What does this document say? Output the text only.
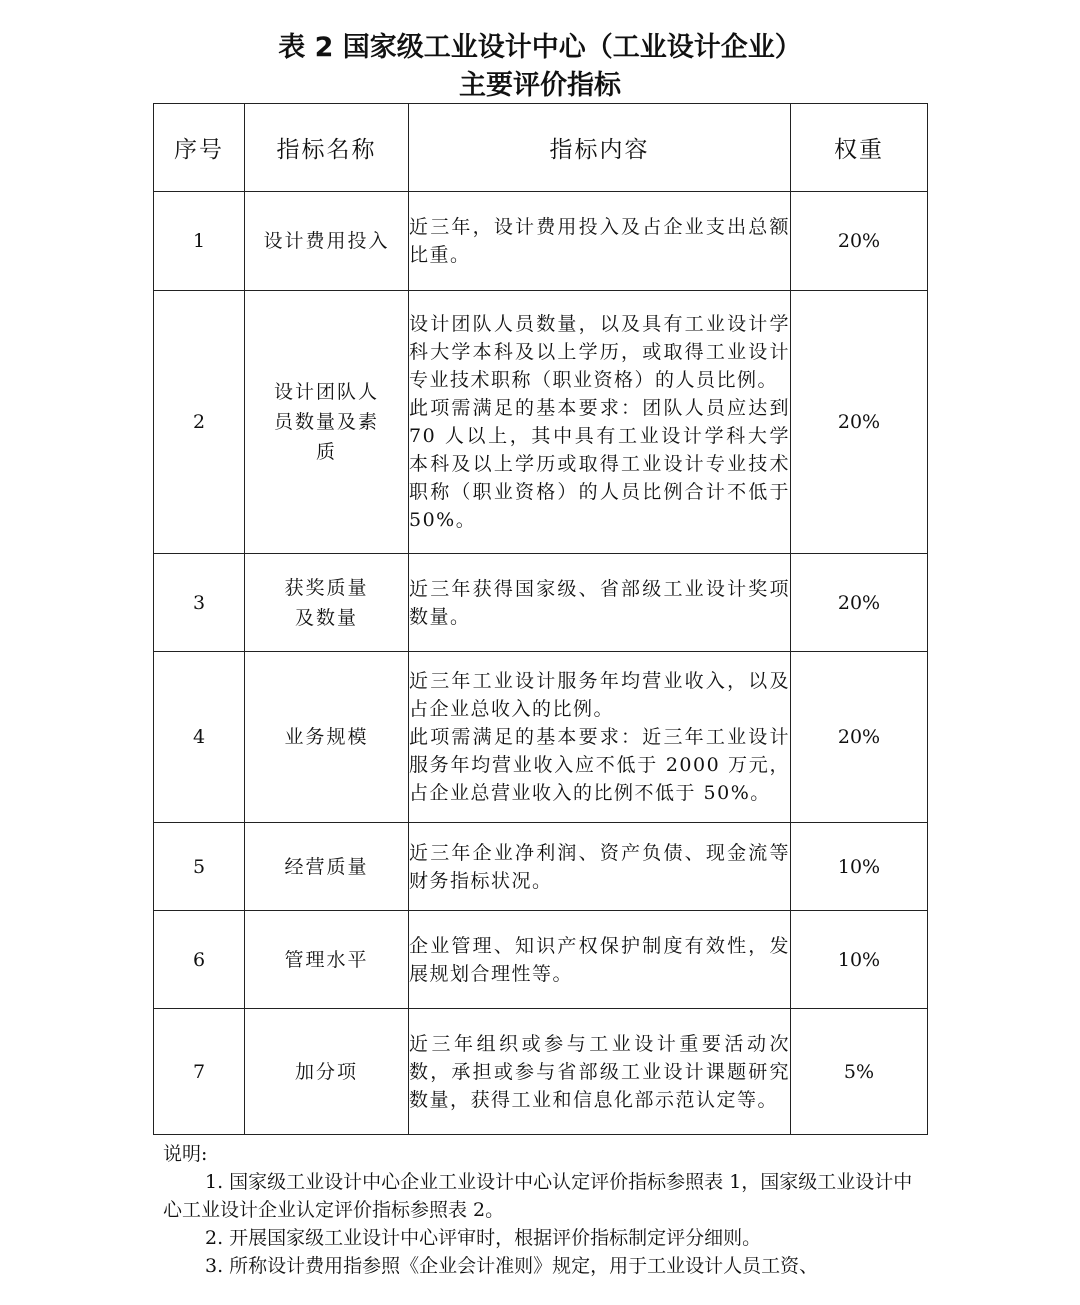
表 2 国家级工业设计中心（工业设计企业）
主要评价指标
序号	指标名称	指标内容	权重
1	设计费用投入	近三年，设计费用投入及占企业支出总额比重。	20%
2	设计团队人员数量及素质	设计团队人员数量，以及具有工业设计学科大学本科及以上学历，或取得工业设计专业技术职称（职业资格）的人员比例。
此项需满足的基本要求：团队人员应达到 70 人以上，其中具有工业设计学科大学本科及以上学历或取得工业设计专业技术职称（职业资格）的人员比例合计不低于 50%。	20%
3	获奖质量及数量	近三年获得国家级、省部级工业设计奖项数量。	20%
4	业务规模	近三年工业设计服务年均营业收入，以及占企业总收入的比例。
此项需满足的基本要求：近三年工业设计服务年均营业收入应不低于 2000 万元，占企业总营业收入的比例不低于 50%。	20%
5	经营质量	近三年企业净利润、资产负债、现金流等财务指标状况。	10%
6	管理水平	企业管理、知识产权保护制度有效性，发展规划合理性等。	10%
7	加分项	近三年组织或参与工业设计重要活动次数，承担或参与省部级工业设计课题研究数量，获得工业和信息化部示范认定等。	5%

说明:

1. 国家级工业设计中心企业工业设计中心认定评价指标参照表 1，国家级工业设计中心工业设计企业认定评价指标参照表 2。

2. 开展国家级工业设计中心评审时，根据评价指标制定评分细则。

3. 所称设计费用指参照《企业会计准则》规定，用于工业设计人员工资、
